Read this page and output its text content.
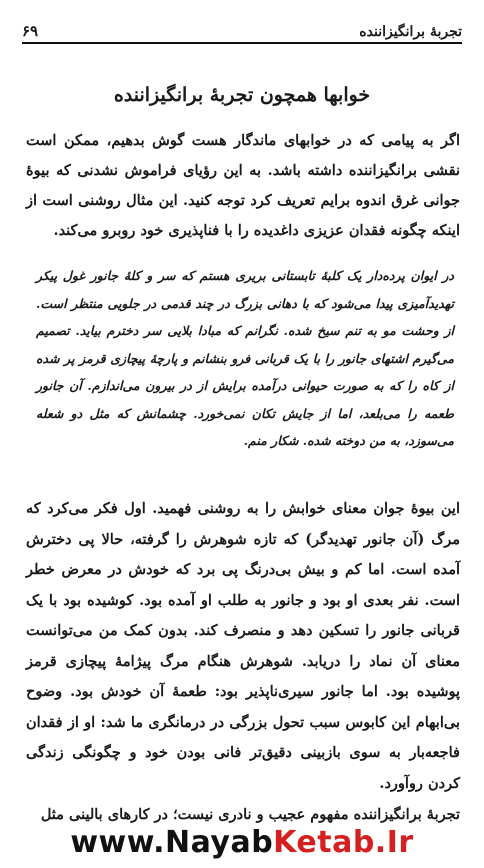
تجربهٔ برانگیزاننده
۶۹
خوابها همچون تجربهٔ برانگیزاننده

اگر به پیامی که در خوابهای ماندگار هست گوش بدهیم، ممکن است نقشی برانگیزاننده داشته باشد. به این رؤیای فراموش نشدنی که بیوهٔ جوانی غرق اندوه برایم تعریف کرد توجه کنید. این مثال روشنی است از اینکه چگونه فقدان عزیزی داغدیده را با فناپذیری خود روبرو می‌کند.

در ایوان پرده‌دار یک کلبهٔ تابستانی بریری هستم که سر و کلهٔ جانور غول پیکر تهدیدآمیزی پیدا می‌شود که با دهانی بزرگ در چند قدمی در جلویی منتظر است. از وحشت مو به تنم سیخ شده. نگرانم که مبادا بلایی سر دخترم بیاید. تصمیم می‌گیرم اشتهای جانور را با یک قربانی فرو بنشانم و پارچهٔ پیچازی قرمز پر شده از کاه را که به صورت حیوانی درآمده برایش از در بیرون می‌اندازم. آن جانور طعمه را می‌بلعد، اما از جایش تکان نمی‌خورد. چشمانش که مثل دو شعله می‌سوزد، به من دوخته شده. شکار منم.

این بیوهٔ جوان معنای خوابش را به روشنی فهمید. اول فکر می‌کرد که مرگ (آن جانور تهدیدگر) که تازه شوهرش را گرفته، حالا پی دخترش آمده است. اما کم و بیش بی‌درنگ پی برد که خودش در معرض خطر است. نفر بعدی او بود و جانور به طلب او آمده بود. کوشیده بود با یک قربانی جانور را تسکین دهد و منصرف کند. بدون کمک من می‌توانست معنای آن نماد را دریابد. شوهرش هنگام مرگ پیژامهٔ پیچازی قرمز پوشیده بود. اما جانور سیری‌ناپذیر بود: طعمهٔ آن خودش بود. وضوح بی‌ابهام این کابوس سبب تحول بزرگی در درمانگری ما شد: او از فقدان فاجعه‌بار به سوی بازبینی دقیق‌تر فانی بودن خود و چگونگی زندگی کردن روآورد.

تجربهٔ برانگیزاننده مفهوم عجیب و نادری نیست؛ در کارهای بالینی مثل

www.NayabKetab.Ir
